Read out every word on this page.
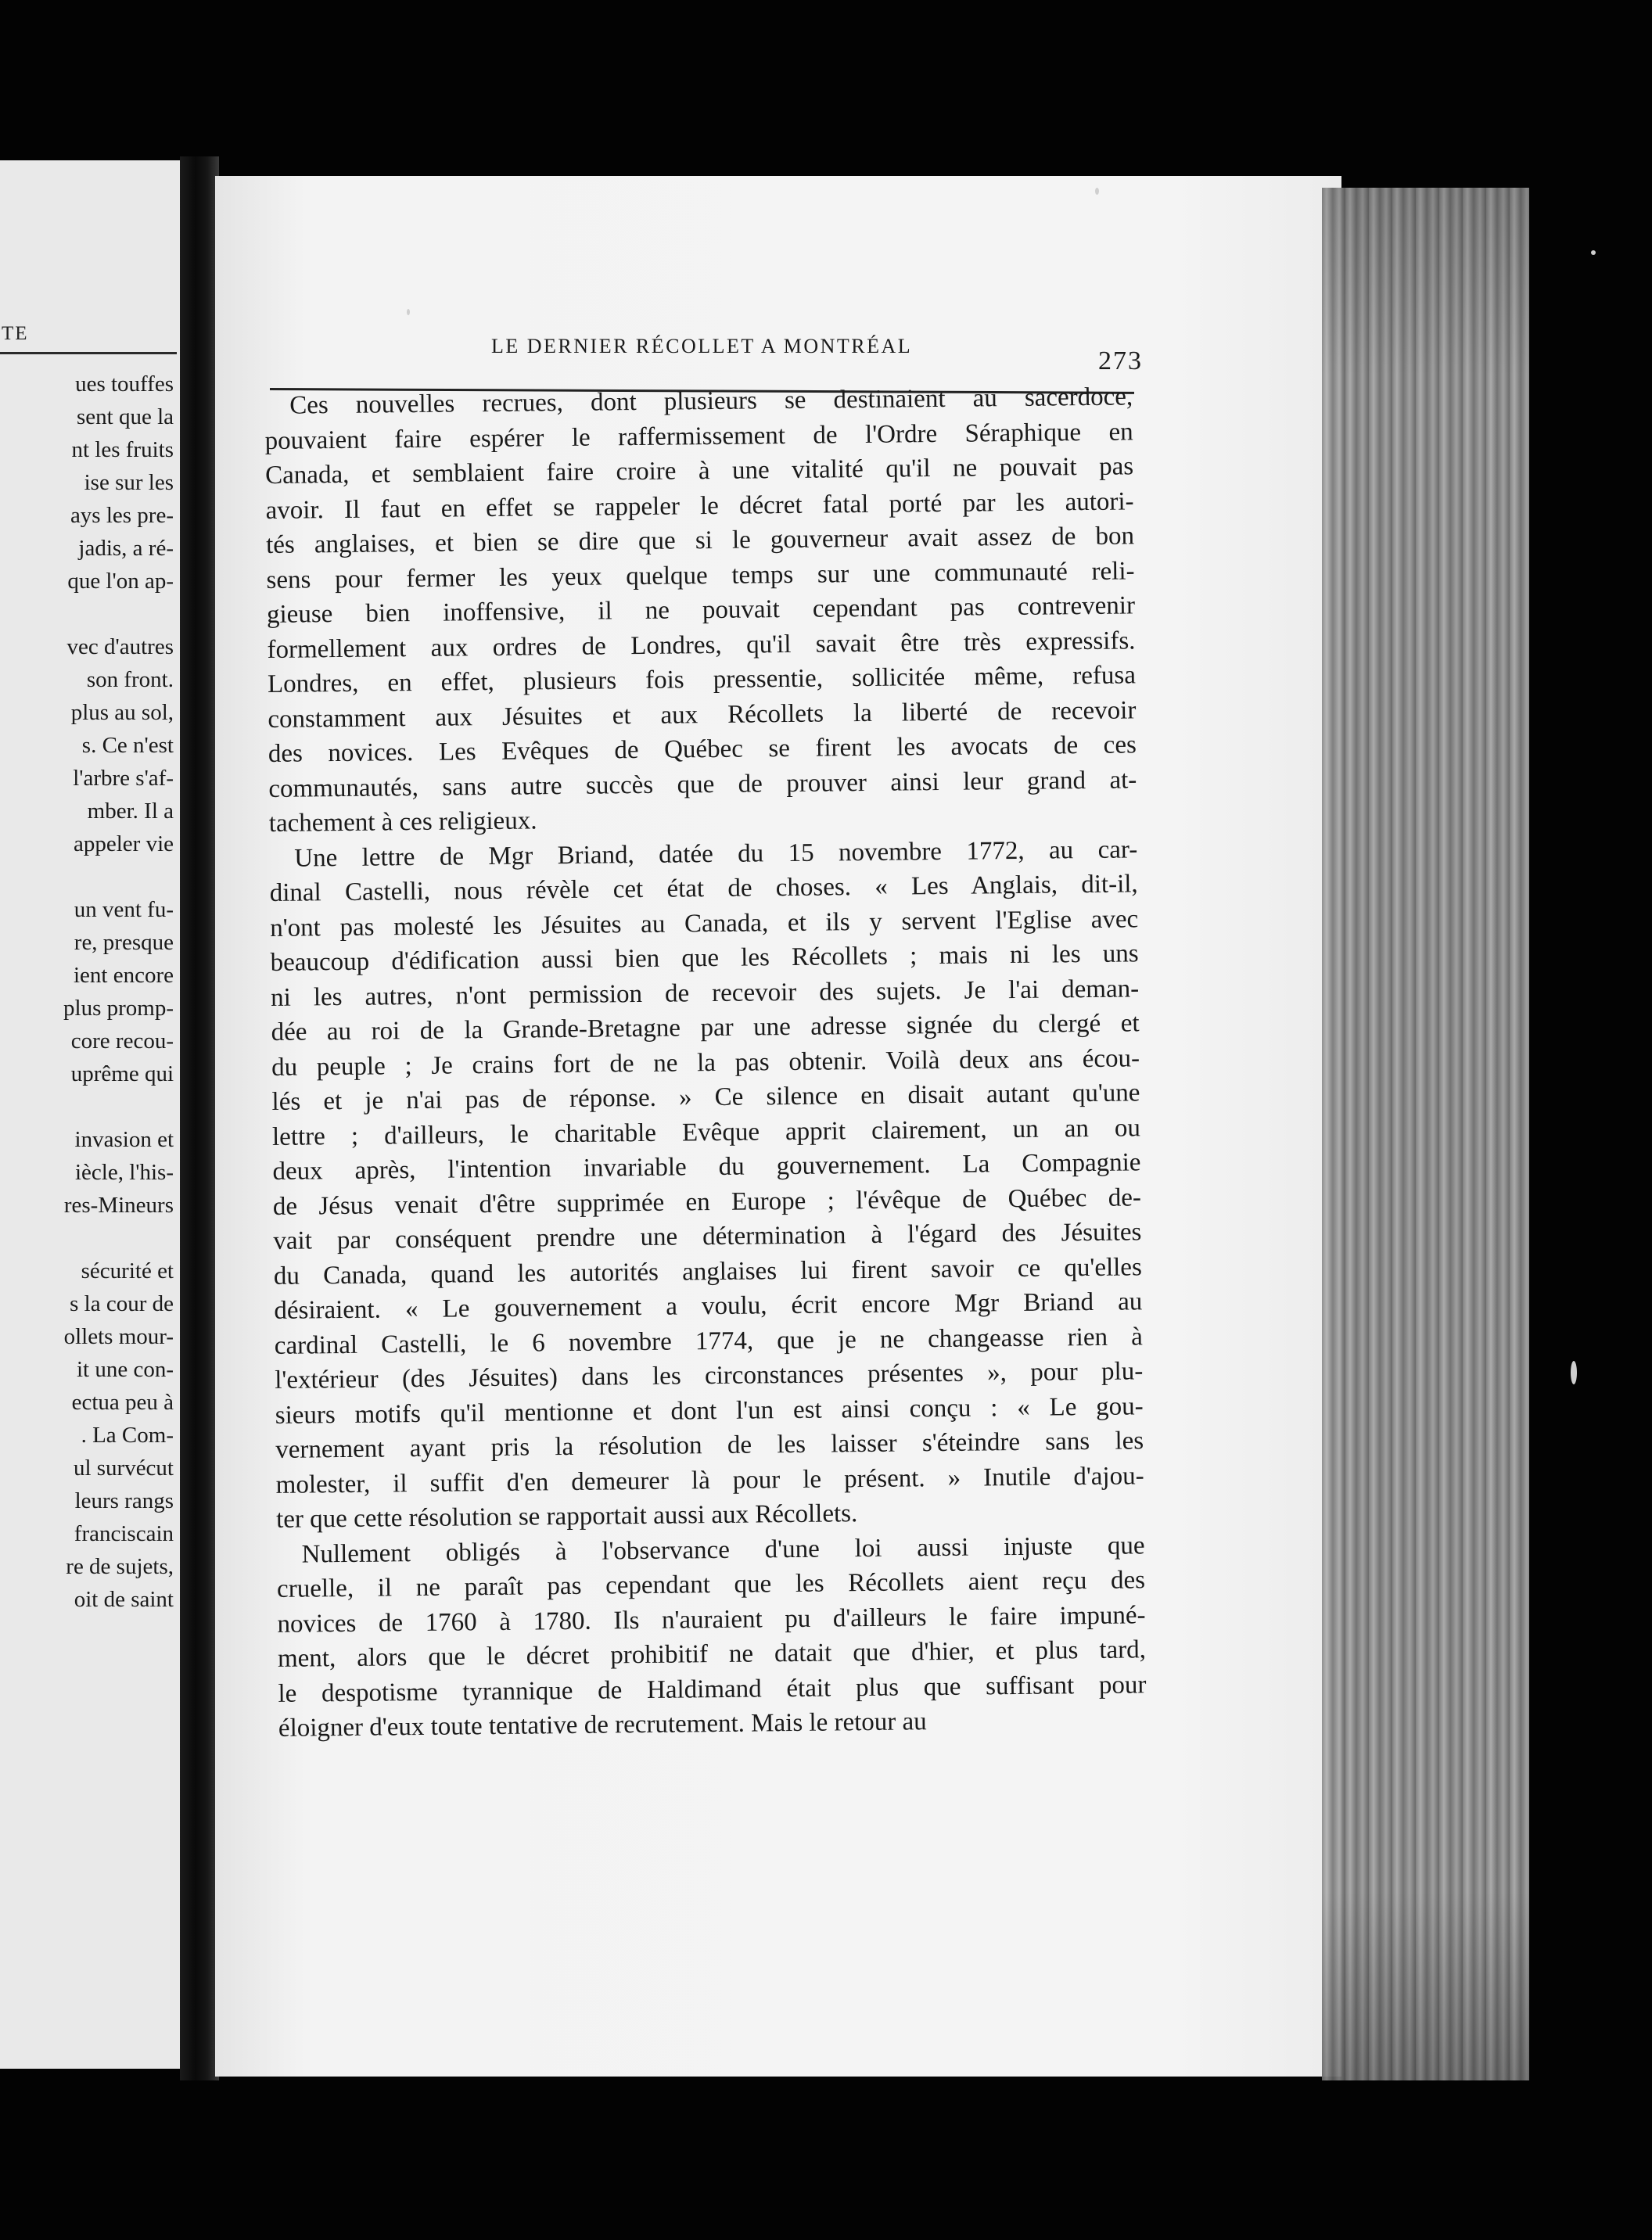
TE
ues touffes
sent que la
nt les fruits
ise sur les
ays les pre-
jadis, a ré-
que l'on ap-
vec d'autres
son front.
plus au sol,
s. Ce n'est
l'arbre s'af-
mber. Il a
appeler vie
un vent fu-
re, presque
ient encore
plus promp-
core recou-
uprême qui
invasion et
iècle, l'his-
res-Mineurs
sécurité et
s la cour de
ollets mour-
it une con-
ectua peu à
. La Com-
ul survécut
leurs rangs
franciscain
re de sujets,
oit de saint
LE DERNIER RÉCOLLET A MONTRÉAL
273
Ces nouvelles recrues, dont plusieurs se destinaient au sacerdoce,
pouvaient faire espérer le raffermissement de l'Ordre Séraphique en
Canada, et semblaient faire croire à une vitalité qu'il ne pouvait pas
avoir. Il faut en effet se rappeler le décret fatal porté par les autori-
tés anglaises, et bien se dire que si le gouverneur avait assez de bon
sens pour fermer les yeux quelque temps sur une communauté reli-
gieuse bien inoffensive, il ne pouvait cependant pas contrevenir
formellement aux ordres de Londres, qu'il savait être très expressifs.
Londres, en effet, plusieurs fois pressentie, sollicitée même, refusa
constamment aux Jésuites et aux Récollets la liberté de recevoir
des novices. Les Evêques de Québec se firent les avocats de ces
communautés, sans autre succès que de prouver ainsi leur grand at-
tachement à ces religieux.
Une lettre de Mgr Briand, datée du 15 novembre 1772, au car-
dinal Castelli, nous révèle cet état de choses. « Les Anglais, dit-il,
n'ont pas molesté les Jésuites au Canada, et ils y servent l'Eglise avec
beaucoup d'édification aussi bien que les Récollets ; mais ni les uns
ni les autres, n'ont permission de recevoir des sujets. Je l'ai deman-
dée au roi de la Grande-Bretagne par une adresse signée du clergé et
du peuple ; Je crains fort de ne la pas obtenir. Voilà deux ans écou-
lés et je n'ai pas de réponse. » Ce silence en disait autant qu'une
lettre ; d'ailleurs, le charitable Evêque apprit clairement, un an ou
deux après, l'intention invariable du gouvernement. La Compagnie
de Jésus venait d'être supprimée en Europe ; l'évêque de Québec de-
vait par conséquent prendre une détermination à l'égard des Jésuites
du Canada, quand les autorités anglaises lui firent savoir ce qu'elles
désiraient. « Le gouvernement a voulu, écrit encore Mgr Briand au
cardinal Castelli, le 6 novembre 1774, que je ne changeasse rien à
l'extérieur (des Jésuites) dans les circonstances présentes », pour plu-
sieurs motifs qu'il mentionne et dont l'un est ainsi conçu : « Le gou-
vernement ayant pris la résolution de les laisser s'éteindre sans les
molester, il suffit d'en demeurer là pour le présent. » Inutile d'ajou-
ter que cette résolution se rapportait aussi aux Récollets.
Nullement obligés à l'observance d'une loi aussi injuste que
cruelle, il ne paraît pas cependant que les Récollets aient reçu des
novices de 1760 à 1780. Ils n'auraient pu d'ailleurs le faire impuné-
ment, alors que le décret prohibitif ne datait que d'hier, et plus tard,
le despotisme tyrannique de Haldimand était plus que suffisant pour
éloigner d'eux toute tentative de recrutement. Mais le retour au
